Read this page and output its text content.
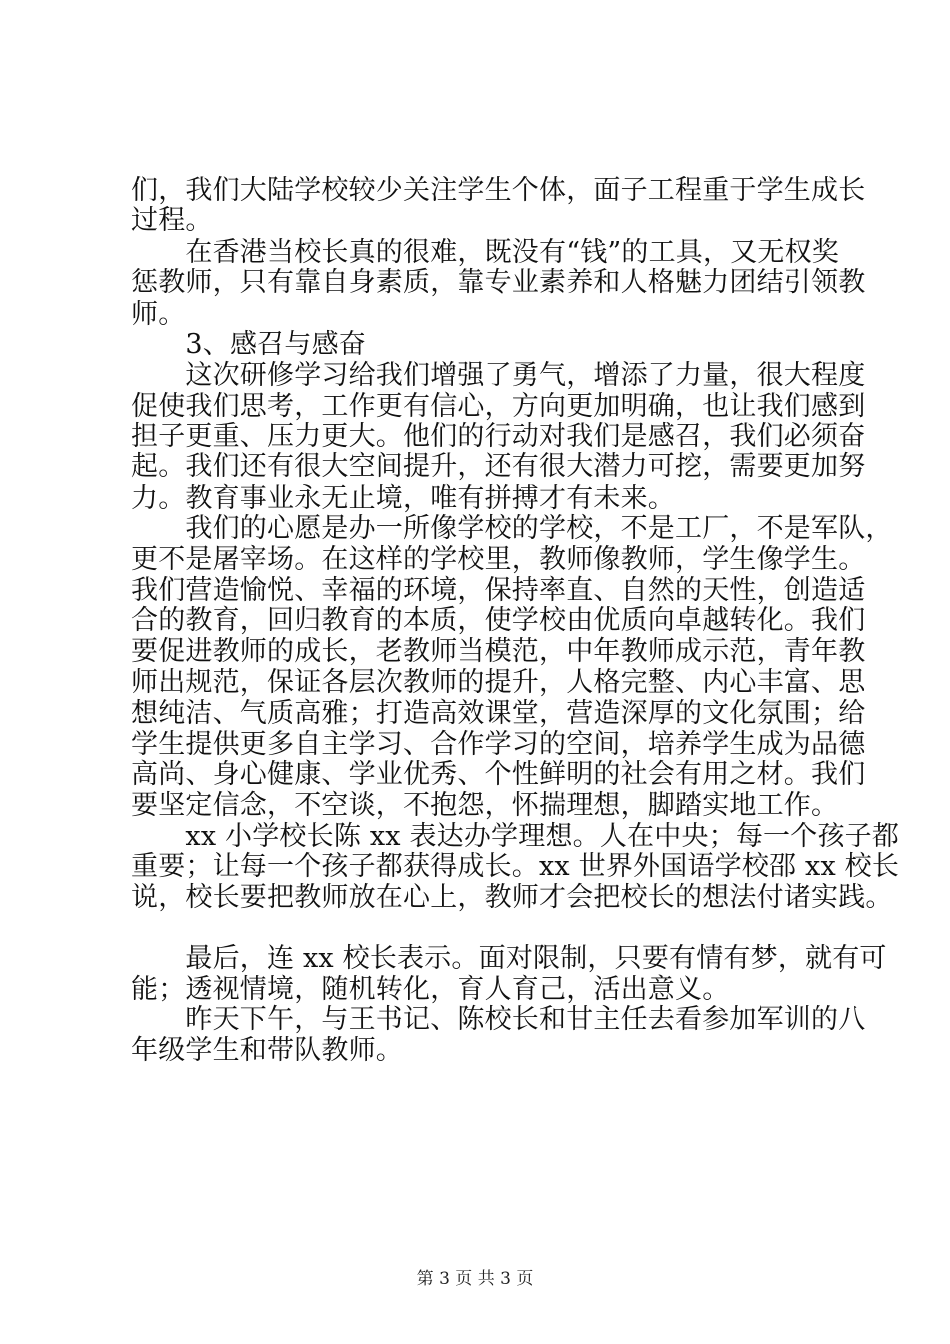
们，我们大陆学校较少关注学生个体，面子工程重于学生成长
过程。
　　在香港当校长真的很难，既没有“钱”的工具，又无权奖
惩教师，只有靠自身素质，靠专业素养和人格魅力团结引领教
师。
　　3、感召与感奋
　　这次研修学习给我们增强了勇气，增添了力量，很大程度
促使我们思考，工作更有信心，方向更加明确，也让我们感到
担子更重、压力更大。他们的行动对我们是感召，我们必须奋
起。我们还有很大空间提升，还有很大潜力可挖，需要更加努
力。教育事业永无止境，唯有拼搏才有未来。
　　我们的心愿是办一所像学校的学校，不是工厂，不是军队，
更不是屠宰场。在这样的学校里，教师像教师，学生像学生。
我们营造愉悦、幸福的环境，保持率直、自然的天性，创造适
合的教育，回归教育的本质，使学校由优质向卓越转化。我们
要促进教师的成长，老教师当模范，中年教师成示范，青年教
师出规范，保证各层次教师的提升，人格完整、内心丰富、思
想纯洁、气质高雅；打造高效课堂，营造深厚的文化氛围；给
学生提供更多自主学习、合作学习的空间，培养学生成为品德
高尚、身心健康、学业优秀、个性鲜明的社会有用之材。我们
要坚定信念，不空谈，不抱怨，怀揣理想，脚踏实地工作。
　　xx 小学校长陈 xx 表达办学理想。人在中央；每一个孩子都
重要；让每一个孩子都获得成长。xx 世界外国语学校邵 xx 校长
说，校长要把教师放在心上，教师才会把校长的想法付诸实践。
　　最后，连 xx 校长表示。面对限制，只要有情有梦，就有可
能；透视情境，随机转化，育人育己，活出意义。
　　昨天下午，与王书记、陈校长和甘主任去看参加军训的八
年级学生和带队教师。
第 3 页 共 3 页
